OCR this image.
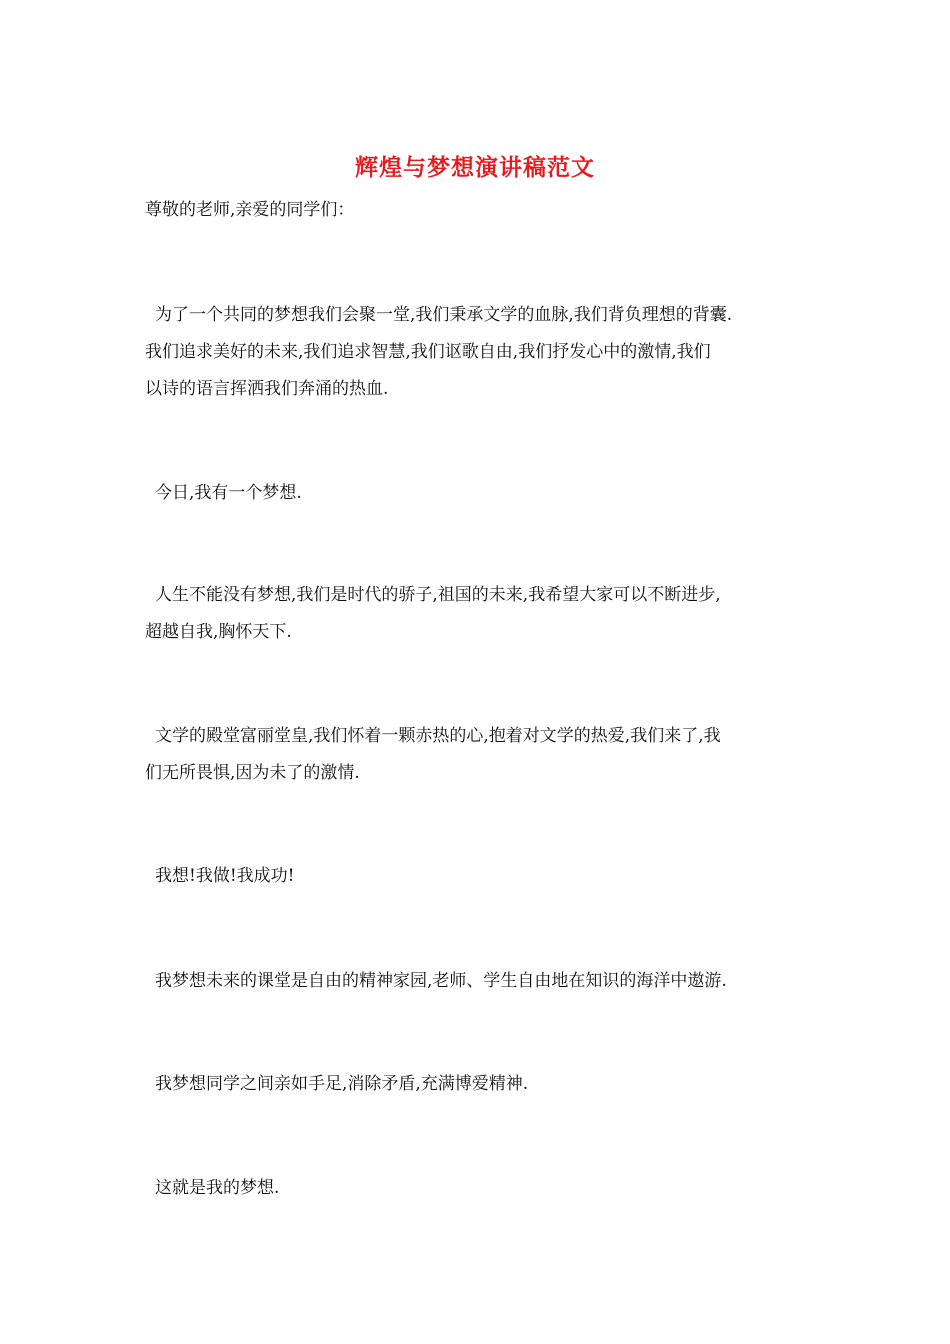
辉煌与梦想演讲稿范文
尊敬的老师,亲爱的同学们：
为了一个共同的梦想我们会聚一堂,我们秉承文学的血脉,我们背负理想的背囊.
我们追求美好的未来,我们追求智慧,我们讴歌自由,我们抒发心中的激情,我们
以诗的语言挥洒我们奔涌的热血.
今日,我有一个梦想.
人生不能没有梦想,我们是时代的骄子,祖国的未来,我希望大家可以不断进步,
超越自我,胸怀天下.
文学的殿堂富丽堂皇,我们怀着一颗赤热的心,抱着对文学的热爱,我们来了,我
们无所畏惧,因为未了的激情.
我想!我做!我成功!
我梦想未来的课堂是自由的精神家园,老师、学生自由地在知识的海洋中遨游.
我梦想同学之间亲如手足,消除矛盾,充满博爱精神.
这就是我的梦想.
